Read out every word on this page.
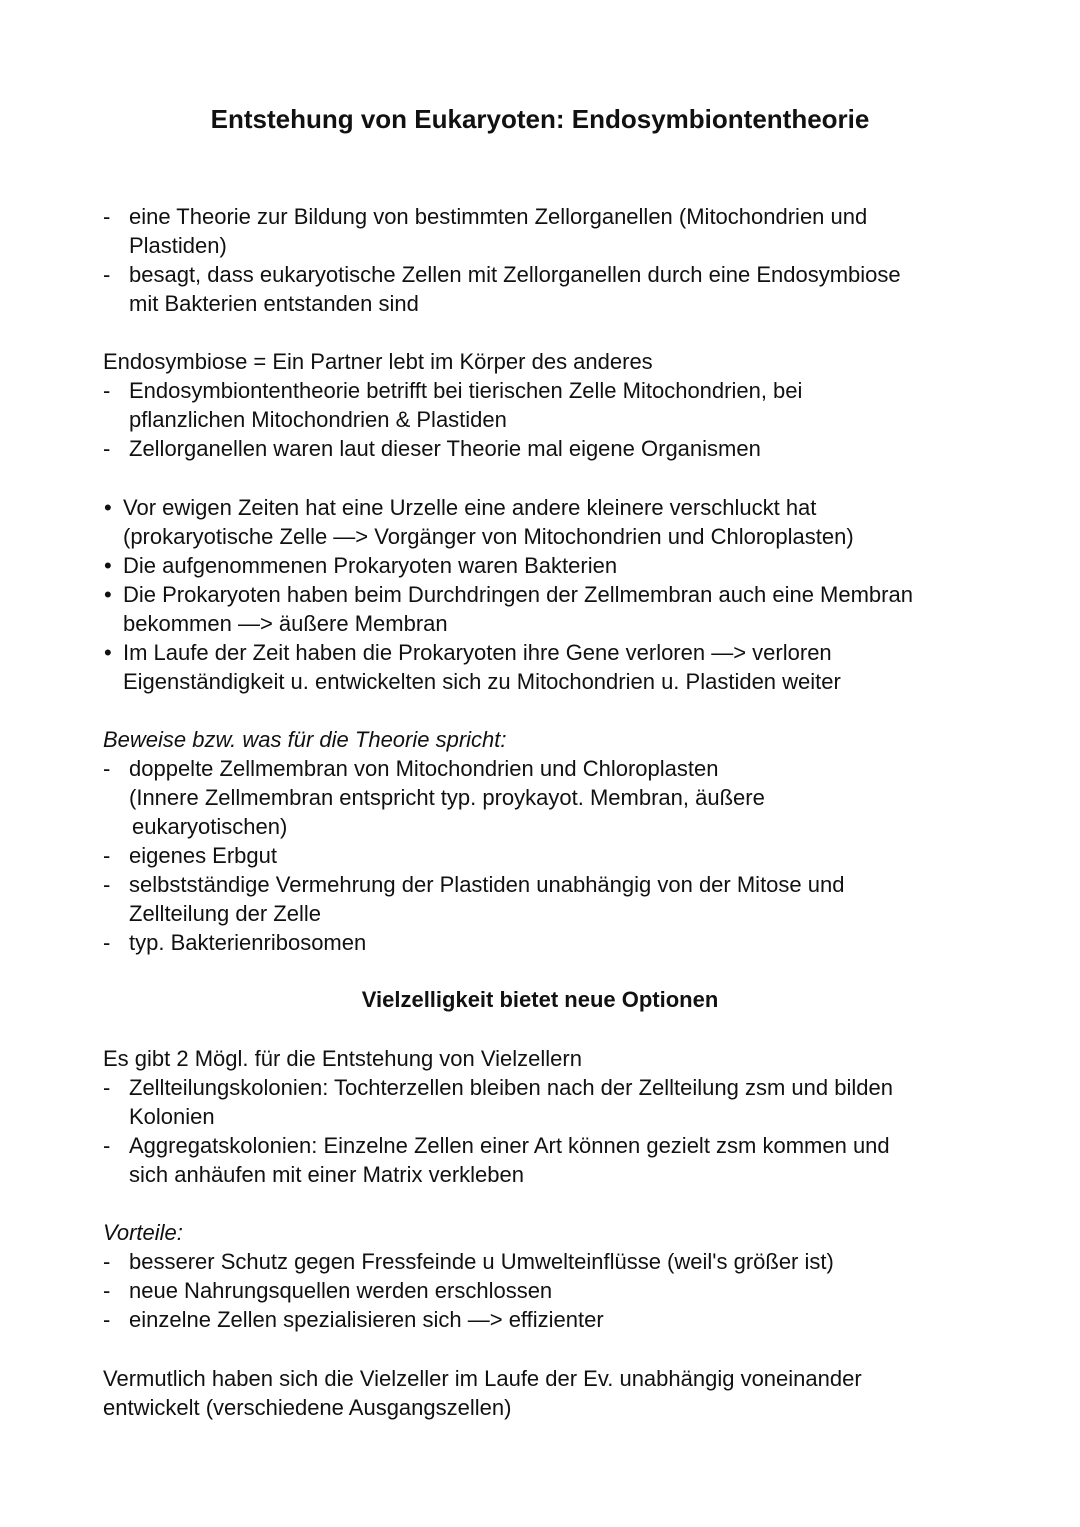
Entstehung von Eukaryoten: Endosymbiontentheorie
- eine Theorie zur Bildung von bestimmten Zellorganellen (Mitochondrien und
Plastiden)
- besagt, dass eukaryotische Zellen mit Zellorganellen durch eine Endosymbiose
mit Bakterien entstanden sind

Endosymbiose = Ein Partner lebt im Körper des anderes

- Endosymbiontentheorie betrifft bei tierischen Zelle Mitochondrien, bei
pflanzlichen Mitochondrien & Plastiden
- Zellorganellen waren laut dieser Theorie mal eigene Organismen
• Vor ewigen Zeiten hat eine Urzelle eine andere kleinere verschluckt hat
(prokaryotische Zelle —> Vorgänger von Mitochondrien und Chloroplasten)
• Die aufgenommenen Prokaryoten waren Bakterien
• Die Prokaryoten haben beim Durchdringen der Zellmembran auch eine Membran
bekommen —> äußere Membran
• Im Laufe der Zeit haben die Prokaryoten ihre Gene verloren —> verloren
Eigenständigkeit u. entwickelten sich zu Mitochondrien u. Plastiden weiter

Beweise bzw. was für die Theorie spricht:

- doppelte Zellmembran von Mitochondrien und Chloroplasten
(Innere Zellmembran entspricht typ. proykayot. Membran, äußere
eukaryotischen)
- eigenes Erbgut
- selbstständige Vermehrung der Plastiden unabhängig von der Mitose und
Zellteilung der Zelle
- typ. Bakterienribosomen
Vielzelligkeit bietet neue Optionen

Es gibt 2 Mögl. für die Entstehung von Vielzellern

- Zellteilungskolonien: Tochterzellen bleiben nach der Zellteilung zsm und bilden
Kolonien
- Aggregatskolonien: Einzelne Zellen einer Art können gezielt zsm kommen und
sich anhäufen mit einer Matrix verkleben

Vorteile:

- besserer Schutz gegen Fressfeinde u Umwelteinflüsse (weil's größer ist)
- neue Nahrungsquellen werden erschlossen
- einzelne Zellen spezialisieren sich —> effizienter

Vermutlich haben sich die Vielzeller im Laufe der Ev. unabhängig voneinander

entwickelt (verschiedene Ausgangszellen)
